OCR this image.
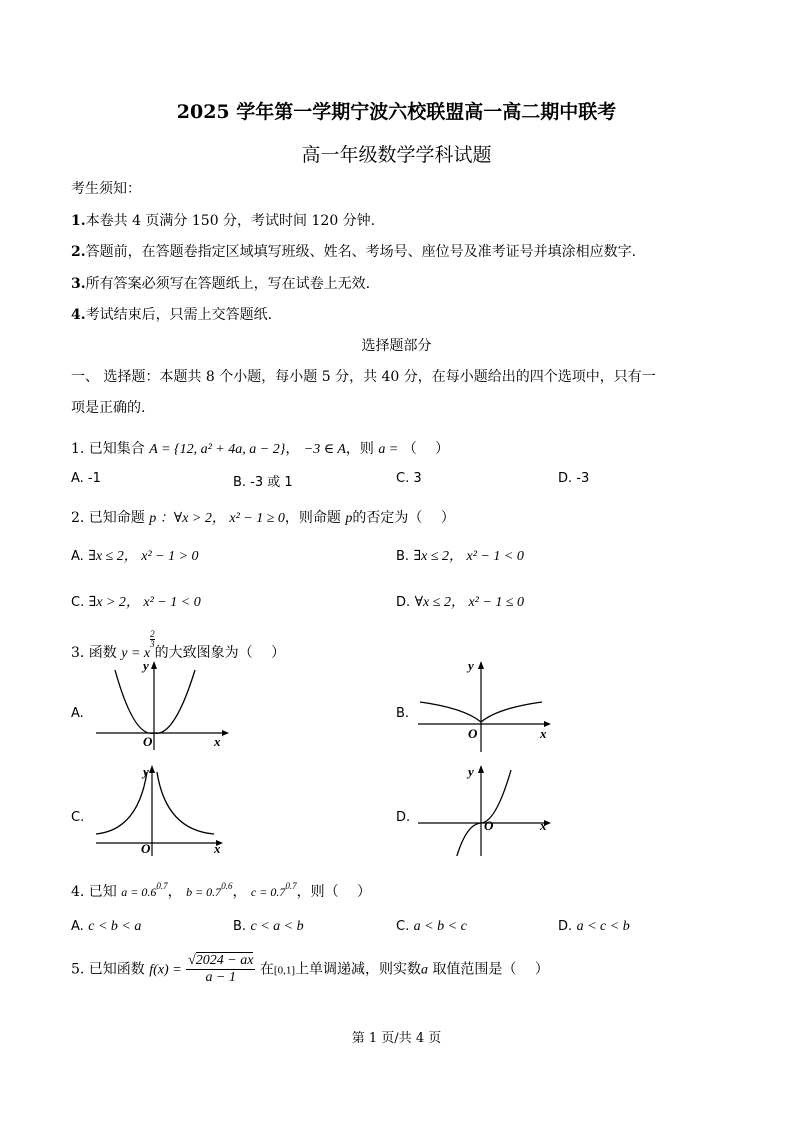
2025 学年第一学期宁波六校联盟高一高二期中联考
高一年级数学学科试题
考生须知：
1.本卷共 4 页满分 150 分，考试时间 120 分钟.
2.答题前，在答题卷指定区域填写班级、姓名、考场号、座位号及准考证号并填涂相应数字.
3.所有答案必须写在答题纸上，写在试卷上无效.
4.考试结束后，只需上交答题纸.
选择题部分
一、 选择题：本题共 8 个小题，每小题 5 分，共 40 分，在每小题给出的四个选项中，只有一
项是正确的.
1. 已知集合 A = {12, a² + 4a, a − 2}， −3 ∈ A，则 a = （　 ）
A. -1	B. -3 或 1	C. 3	D. -3
2. 已知命题 p ：∀x > 2， x² − 1 ≥ 0，则命题 p的否定为（　 ）
A. ∃x ≤ 2， x² − 1 > 0	B. ∃x ≤ 2， x² − 1 < 0
C. ∃x > 2， x² − 1 < 0	D. ∀x ≤ 2， x² − 1 ≤ 0
3. 函数 y = x
$\frac{2}{3}$
的大致图象为（　 ）
A.
y
x
O
B.
y
x
O
C.
y
x
O
D.
y
x
O
4. 已知 $a = 0.6^{0.7}$， $b = 0.7^{0.6}$， $c = 0.7^{0.7}$，则（　 ）
A. c < b < a	B. c < a < b	C. a < b < c	D. a < c < b
5. 已知函数 $f(x) = \frac{√2024 - ax}{a - 1}$ 在[0,1]上单调递减，则实数a 取值范围是（　 ）
第 1 页/共 4 页
